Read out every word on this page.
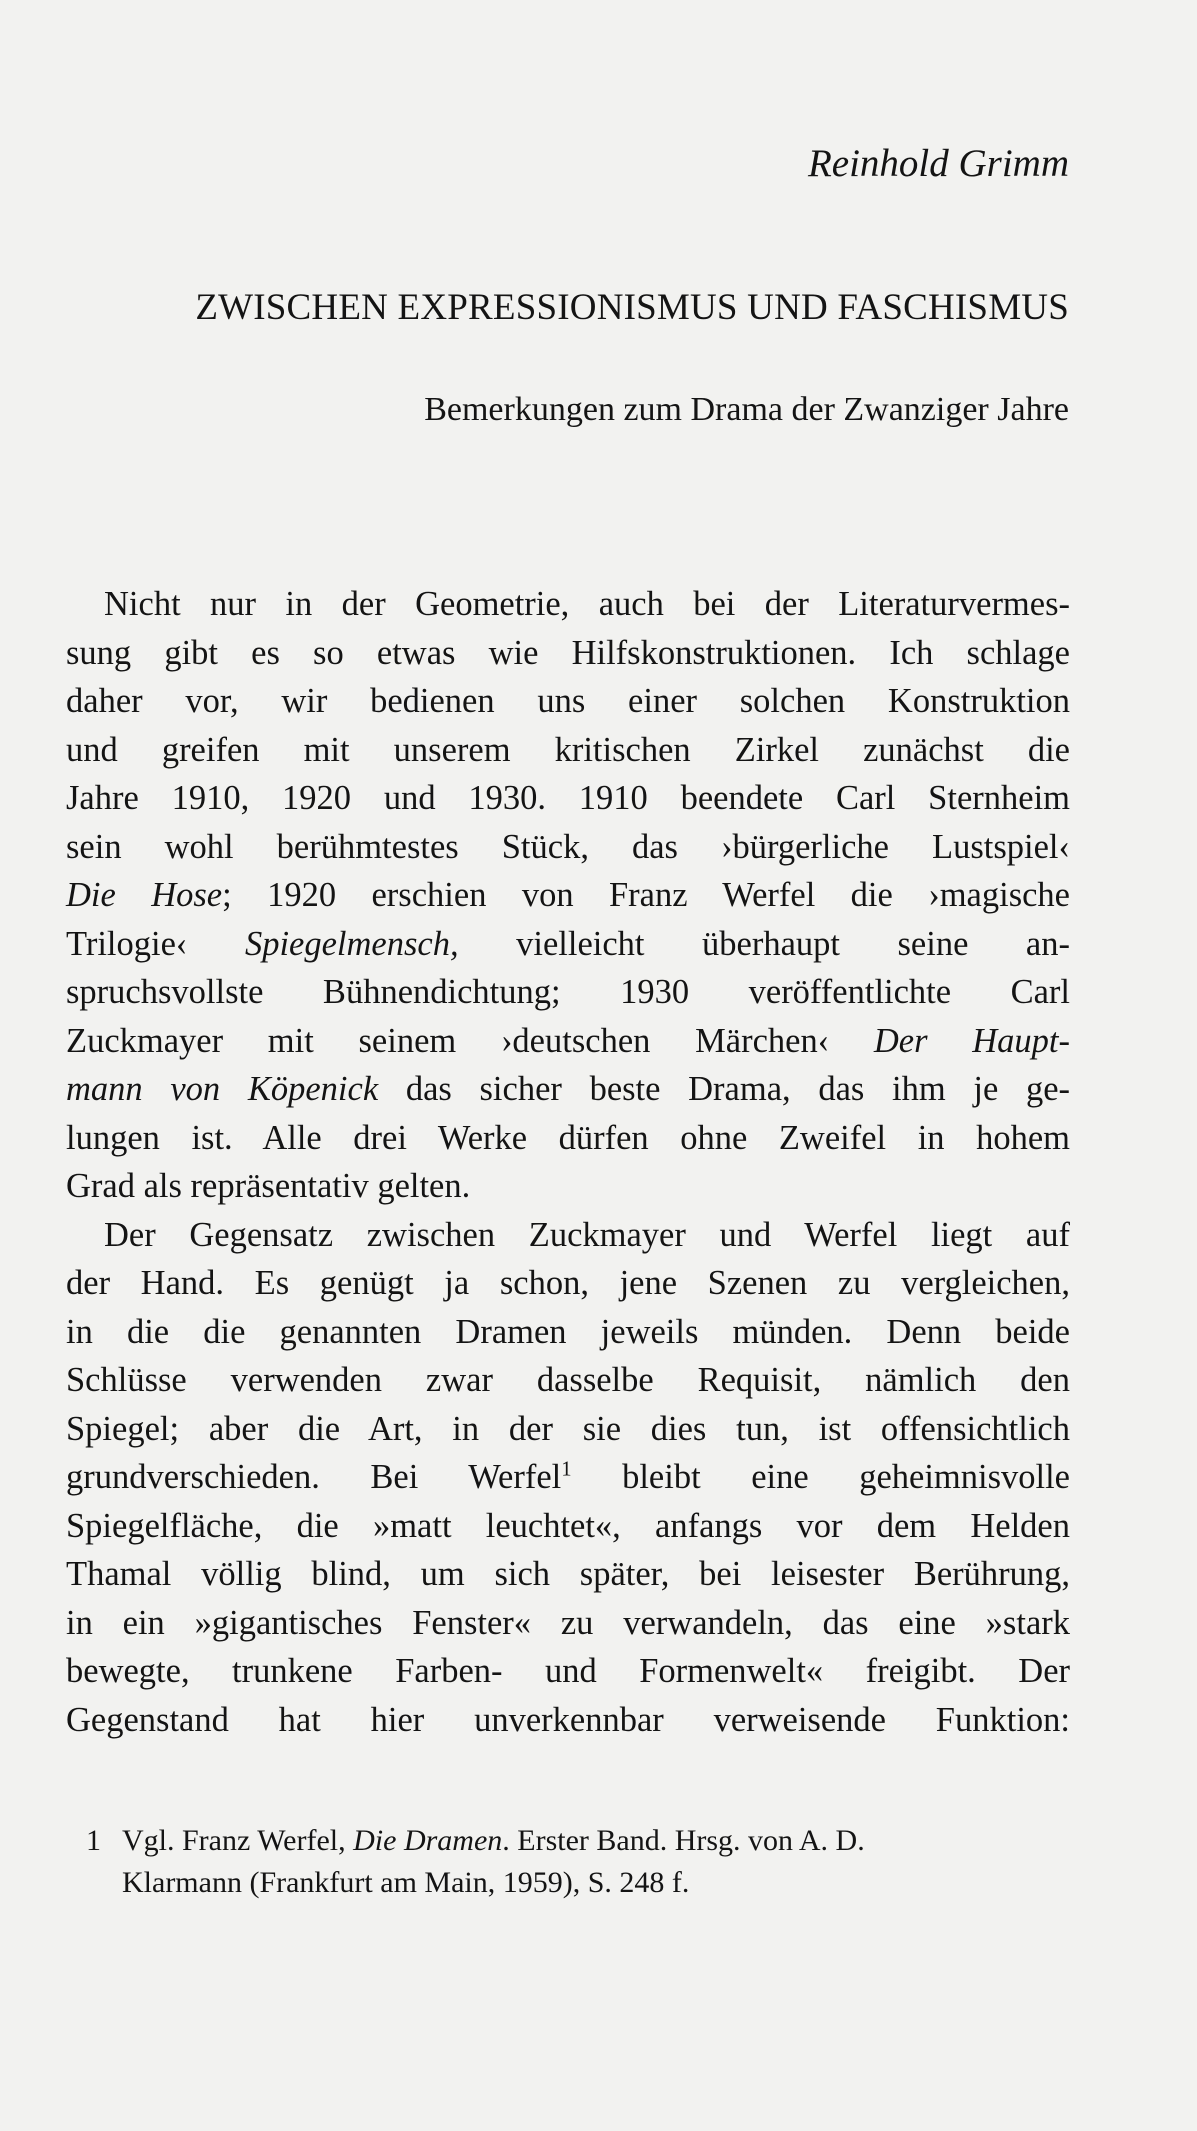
Reinhold Grimm
ZWISCHEN EXPRESSIONISMUS UND FASCHISMUS
Bemerkungen zum Drama der Zwanziger Jahre

Nicht nur in der Geometrie, auch bei der Literaturvermes-
sung gibt es so etwas wie Hilfskonstruktionen. Ich schlage
daher vor, wir bedienen uns einer solchen Konstruktion
und greifen mit unserem kritischen Zirkel zunächst die
Jahre 1910, 1920 und 1930. 1910 beendete Carl Sternheim
sein wohl berühmtestes Stück, das ›bürgerliche Lustspiel‹
Die Hose; 1920 erschien von Franz Werfel die ›magische
Trilogie‹ Spiegelmensch, vielleicht überhaupt seine an-
spruchsvollste Bühnendichtung; 1930 veröffentlichte Carl
Zuckmayer mit seinem ›deutschen Märchen‹ Der Haupt-
mann von Köpenick das sicher beste Drama, das ihm je ge-
lungen ist. Alle drei Werke dürfen ohne Zweifel in hohem
Grad als repräsentativ gelten.

Der Gegensatz zwischen Zuckmayer und Werfel liegt auf
der Hand. Es genügt ja schon, jene Szenen zu vergleichen,
in die die genannten Dramen jeweils münden. Denn beide
Schlüsse verwenden zwar dasselbe Requisit, nämlich den
Spiegel; aber die Art, in der sie dies tun, ist offensichtlich
grundverschieden. Bei Werfel$^1$ bleibt eine geheimnisvolle
Spiegelfläche, die »matt leuchtet«, anfangs vor dem Helden
Thamal völlig blind, um sich später, bei leisester Berührung,
in ein »gigantisches Fenster« zu verwandeln, das eine »stark
bewegte, trunkene Farben- und Formenwelt« freigibt. Der
Gegenstand hat hier unverkennbar verweisende Funktion:

1 Vgl. Franz Werfel, Die Dramen. Erster Band. Hrsg. von A. D.
Klarmann (Frankfurt am Main, 1959), S. 248 f.
